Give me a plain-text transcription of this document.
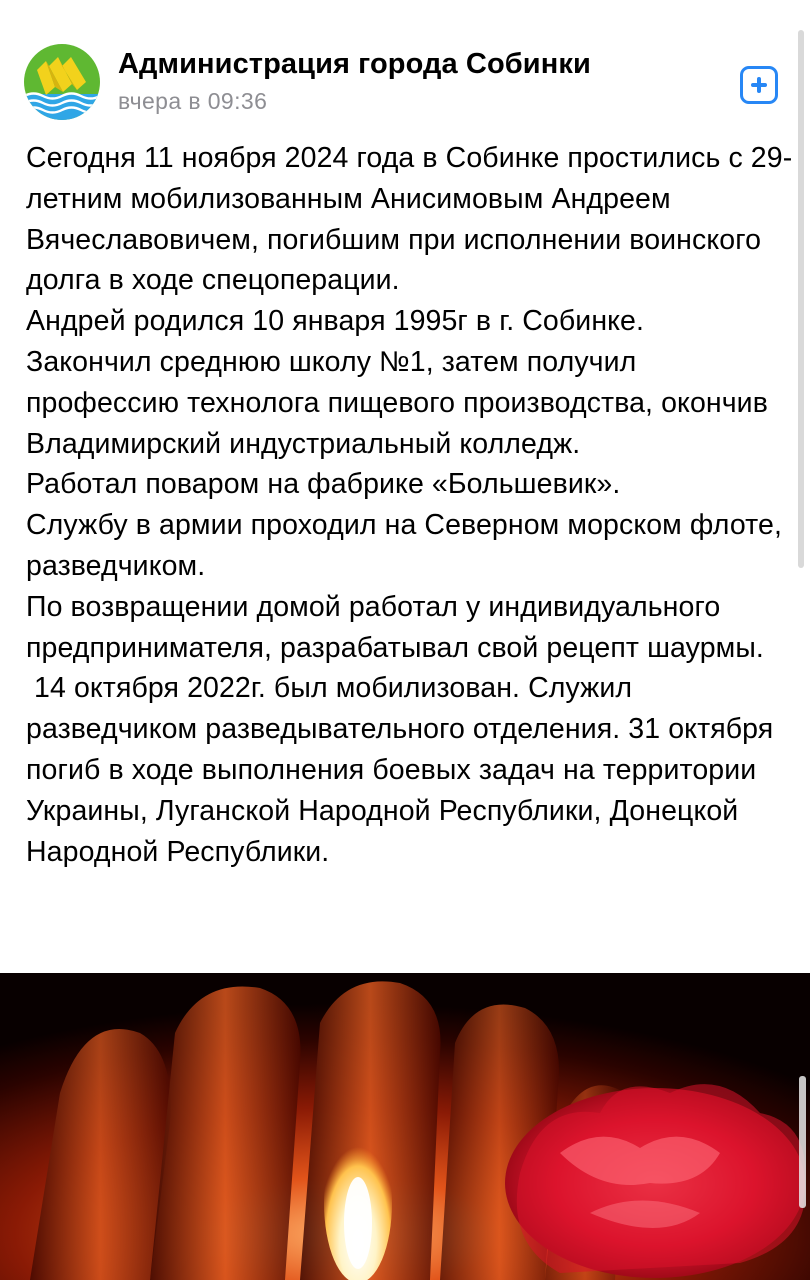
Администрация города Собинки
вчера в 09:36

Сегодня 11 ноября 2024 года в Собинке простились с 29-летним мобилизованным Анисимовым Андреем Вячеславовичем, погибшим при исполнении воинского долга в ходе спецоперации.

Андрей родился 10 января 1995г в г. Собинке.

Закончил среднюю школу №1, затем получил профессию технолога пищевого производства, окончив Владимирский индустриальный колледж.

Работал поваром на фабрике «Большевик».

Службу в армии проходил на Северном морском флоте, разведчиком.

По возвращении домой работал у индивидуального предпринимателя, разрабатывал свой рецепт шаурмы.

14 октября 2022г. был мобилизован. Служил разведчиком разведывательного отделения. 31 октября погиб в ходе выполнения боевых задач на территории Украины, Луганской Народной Республики, Донецкой Народной Республики.
